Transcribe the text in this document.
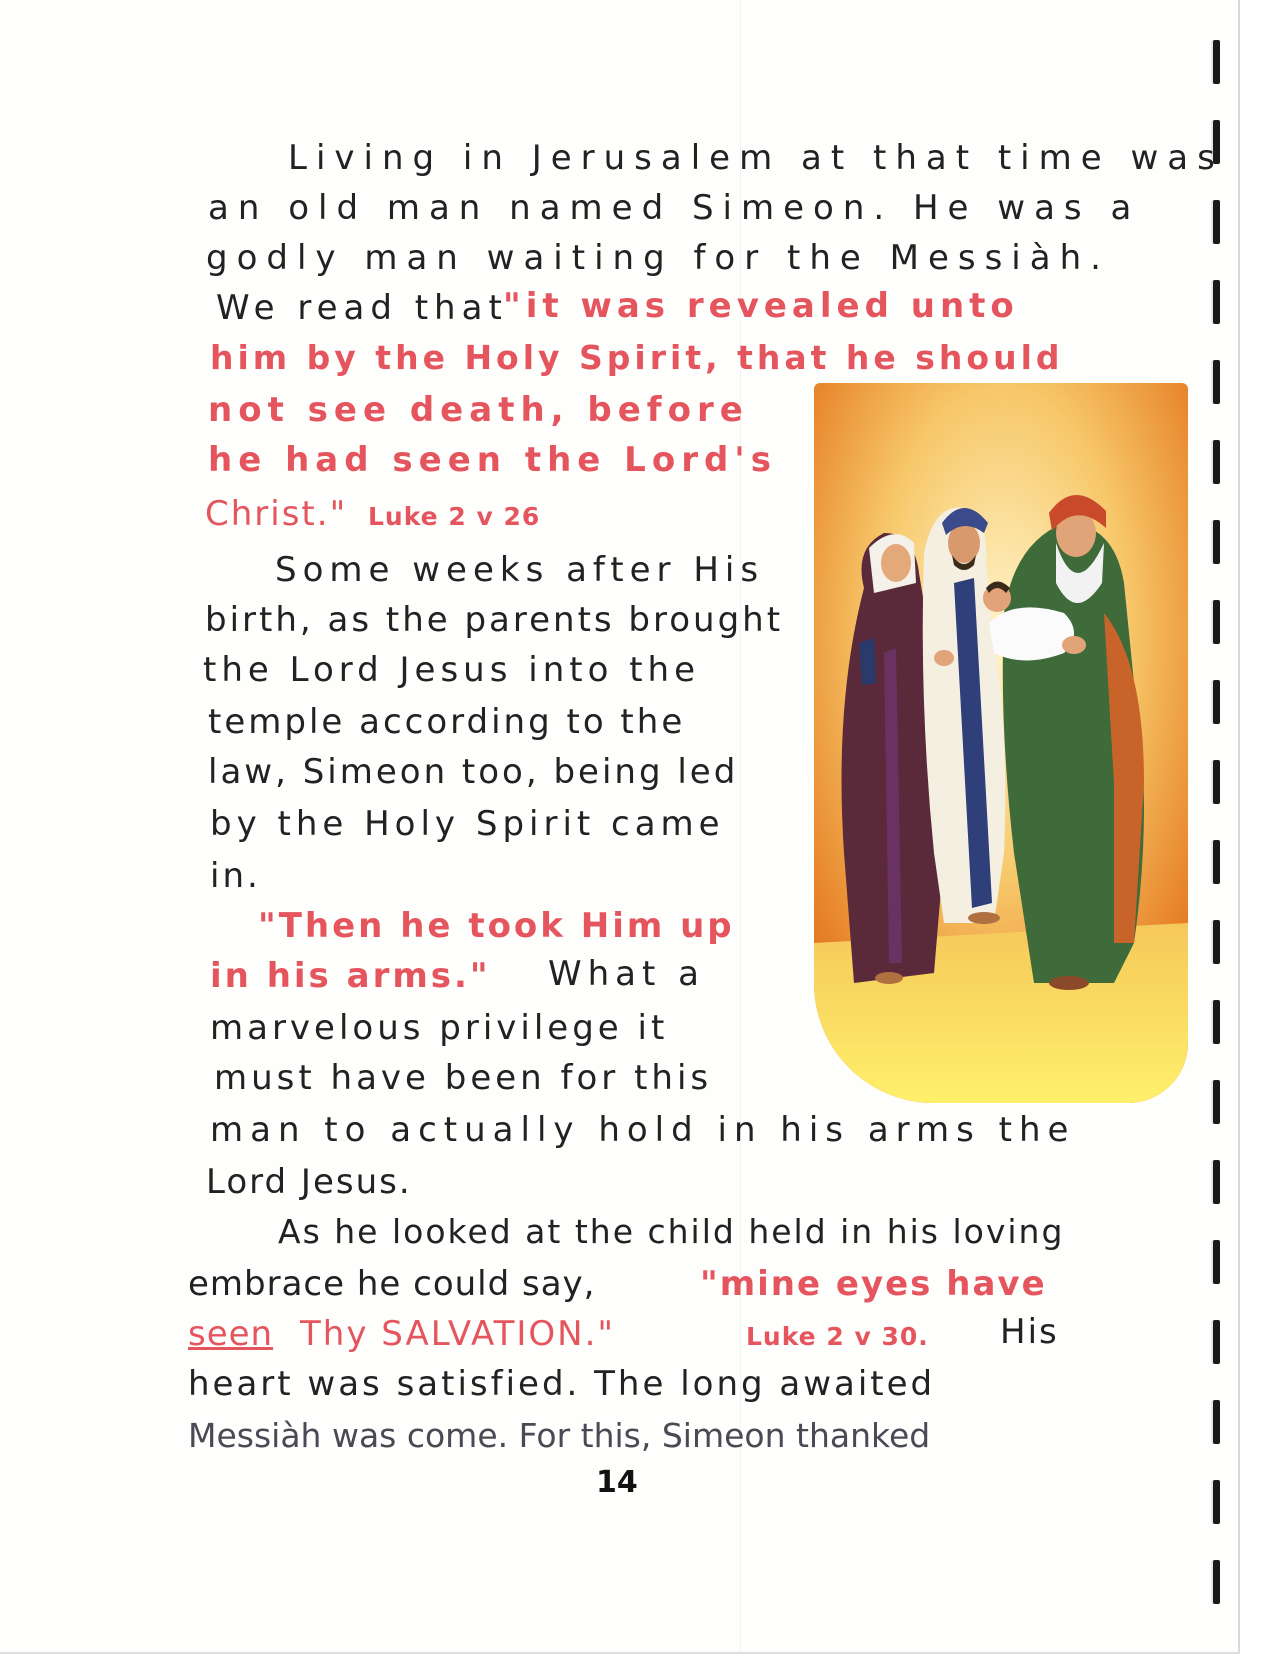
Living in Jerusalem at that time was
an old man named Simeon. He was a
godly man waiting for the Messiàh.
We read that
"it was revealed unto
him by the Holy Spirit, that he should
not see death, before
he had seen the Lord's
Christ." Luke 2 v 26
Some weeks after His
birth, as the parents brought
the Lord Jesus into the
temple according to the
law, Simeon too, being led
by the Holy Spirit came
in.
"Then he took Him up
in his arms." What a
marvelous privilege it
must have been for this
man to actually hold in his arms the
Lord Jesus.
As he looked at the child held in his loving
embrace he could say,	"mine eyes have
seen Thy SALVATION."	Luke 2 v 30. His
heart was satisfied. The long awaited
Messiàh was come. For this, Simeon thanked
14
